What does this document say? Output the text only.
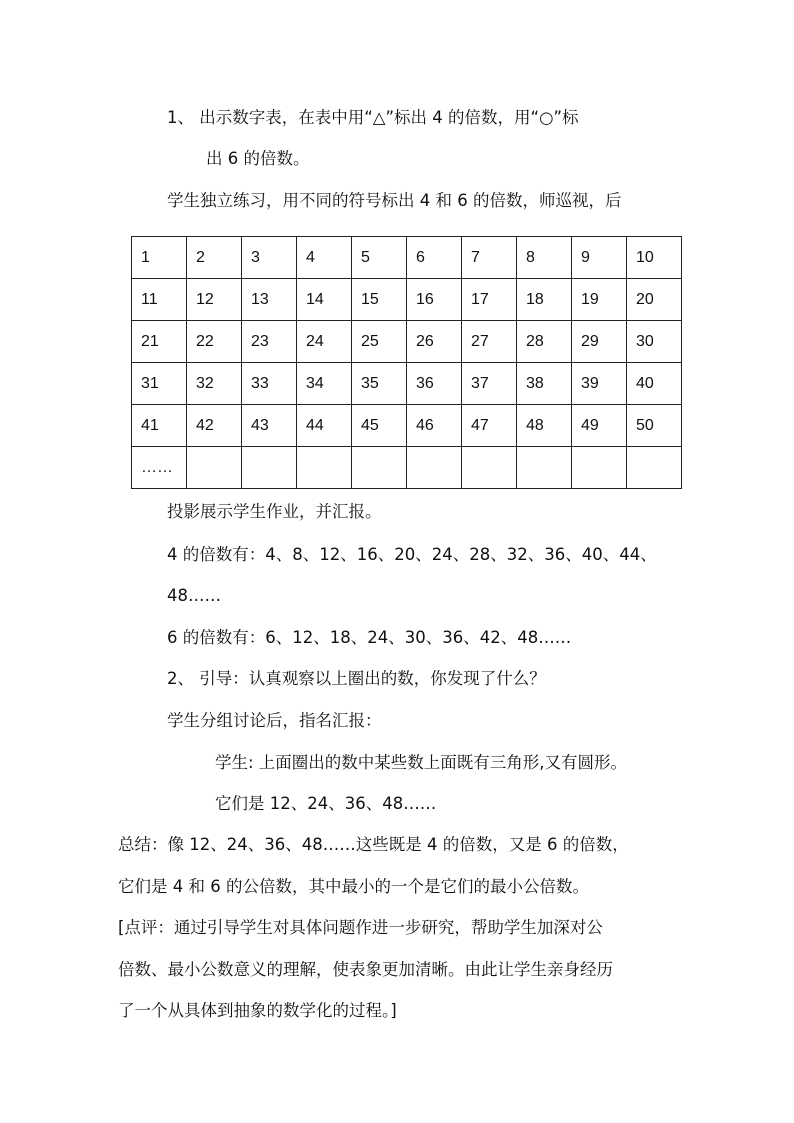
1、 出示数字表，在表中用“△”标出 4 的倍数，用“○”标
出 6 的倍数。
学生独立练习，用不同的符号标出 4 和 6 的倍数，师巡视，后
1	2	3	4	5	6	7	8	9	10
11	12	13	14	15	16	17	18	19	20
21	22	23	24	25	26	27	28	29	30
31	32	33	34	35	36	37	38	39	40
41	42	43	44	45	46	47	48	49	50
……									
投影展示学生作业，并汇报。
4 的倍数有：4、8、12、16、20、24、28、32、36、40、44、
48……
6 的倍数有：6、12、18、24、30、36、42、48……
2、 引导：认真观察以上圈出的数，你发现了什么？
学生分组讨论后，指名汇报：
学生: 上面圈出的数中某些数上面既有三角形,又有圆形。
它们是 12、24、36、48……
总结：像 12、24、36、48……这些既是 4 的倍数，又是 6 的倍数，
它们是 4 和 6 的公倍数，其中最小的一个是它们的最小公倍数。
[点评：通过引导学生对具体问题作进一步研究，帮助学生加深对公
倍数、最小公数意义的理解，使表象更加清晰。由此让学生亲身经历
了一个从具体到抽象的数学化的过程。]
